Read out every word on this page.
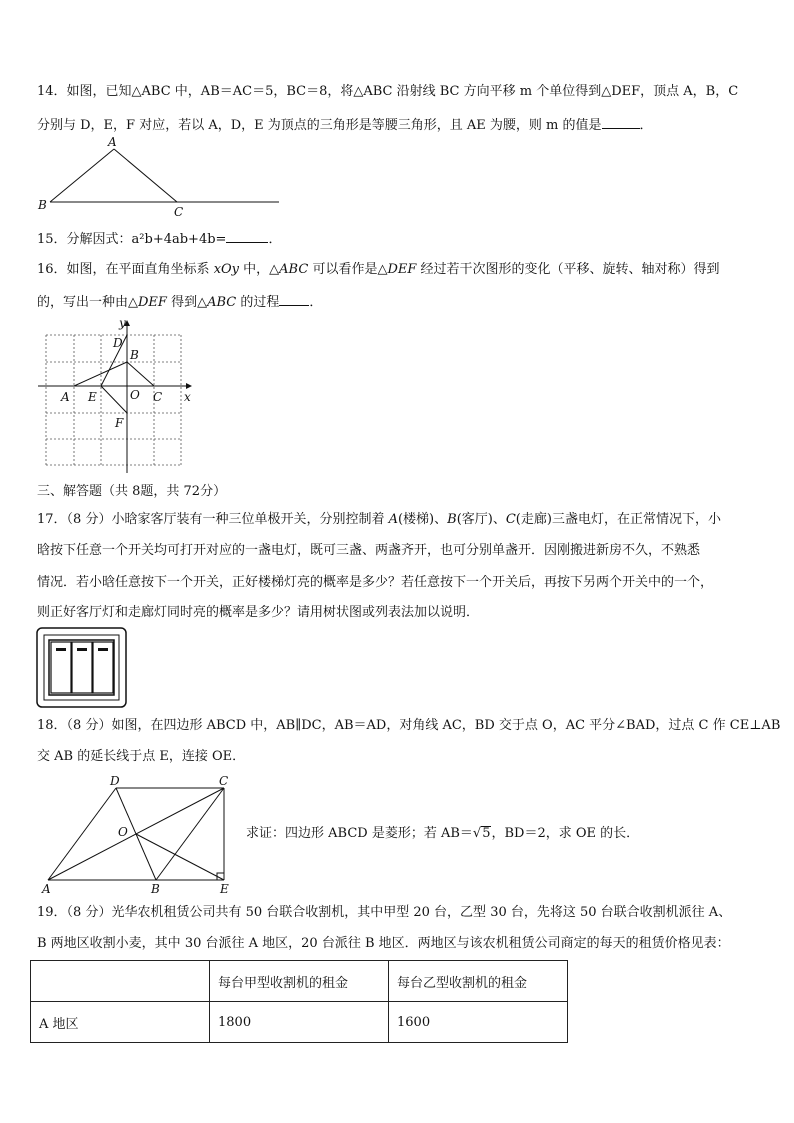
14．如图，已知△ABC 中，AB＝AC＝5，BC＝8，将△ABC 沿射线 BC 方向平移 m 个单位得到△DEF，顶点 A，B，C
分别与 D，E，F 对应，若以 A，D，E 为顶点的三角形是等腰三角形，且 AE 为腰，则 m 的值是	．
A
B	C
15．分解因式：a²b+4ab+4b=	．
16．如图，在平面直角坐标系 xOy 中，△ABC 可以看作是△DEF 经过若干次图形的变化（平移、旋转、轴对称）得到
的，写出一种由△DEF 得到△ABC 的过程 ．
y
x
D
B
A E	O C
F
三、解答题（共 8题，共 72分）
17．（8 分）小晗家客厅装有一种三位单极开关，分别控制着 A(楼梯)、B(客厅)、C(走廊)三盏电灯，在正常情况下，小
晗按下任意一个开关均可打开对应的一盏电灯，既可三盏、两盏齐开，也可分别单盏开．因刚搬进新房不久，不熟悉
情况．若小晗任意按下一个开关，正好楼梯灯亮的概率是多少？若任意按下一个开关后，再按下另两个开关中的一个，
则正好客厅灯和走廊灯同时亮的概率是多少？请用树状图或列表法加以说明．
18．（8 分）如图，在四边形 ABCD 中，AB∥DC，AB＝AD，对角线 AC，BD 交于点 O，AC 平分∠BAD，过点 C 作 CE⊥AB
交 AB 的延长线于点 E，连接 OE．
D	C
O
A	B	E
求证：四边形 ABCD 是菱形；若 AB＝√5，BD＝2，求 OE 的长．
19．（8 分）光华农机租赁公司共有 50 台联合收割机，其中甲型 20 台，乙型 30 台，先将这 50 台联合收割机派往 A、
B 两地区收割小麦，其中 30 台派往 A 地区，20 台派往 B 地区．两地区与该农机租赁公司商定的每天的租赁价格见表：
	每台甲型收割机的租金	每台乙型收割机的租金
A 地区	1800	1600
